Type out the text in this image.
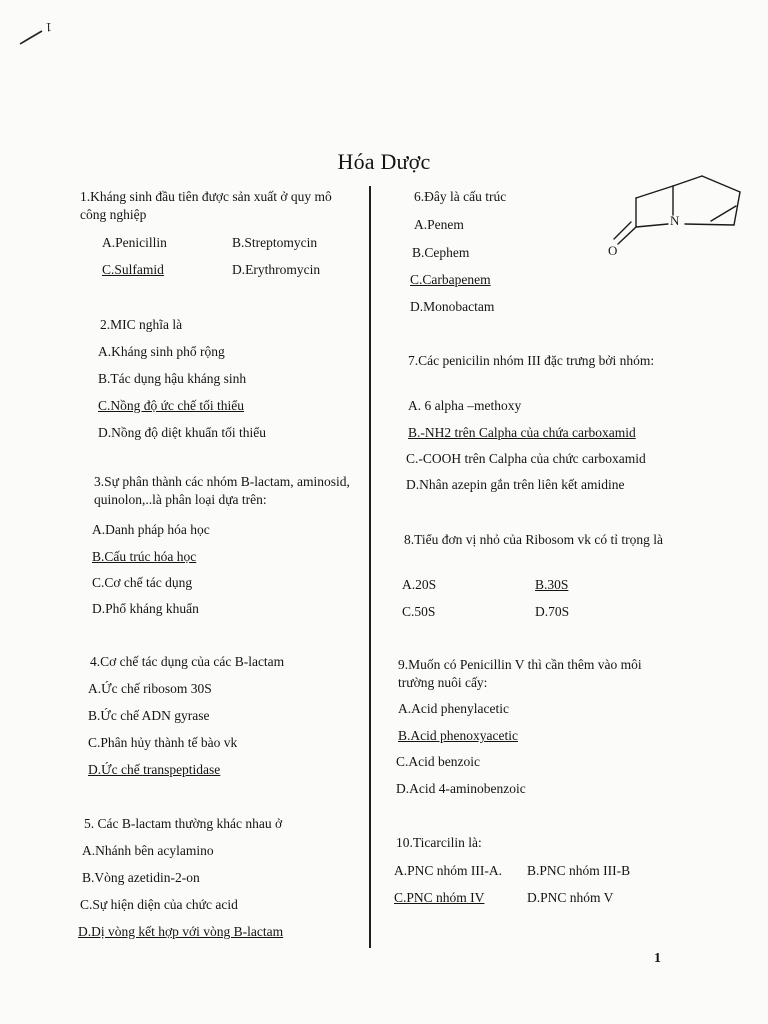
1
Hóa Dược
1.Kháng sinh đầu tiên được sản xuất ở quy mô công nghiệp
A.Penicillin	B.Streptomycin
C.Sulfamid	D.Erythromycin
2.MIC nghĩa là
A.Kháng sinh phổ rộng
B.Tác dụng hậu kháng sinh
C.Nồng độ ức chế tối thiểu
D.Nồng độ diệt khuẩn tối thiểu
3.Sự phân thành các nhóm B-lactam, aminosid, quinolon,..là phân loại dựa trên:
A.Danh pháp hóa học
B.Cấu trúc hóa học
C.Cơ chế tác dụng
D.Phổ kháng khuẩn
4.Cơ chế tác dụng của các B-lactam
A.Ức chế ribosom 30S
B.Ức chế ADN gyrase
C.Phân hủy thành tế bào vk
D.Ức chế transpeptidase
5. Các B-lactam thường khác nhau ở
A.Nhánh bên acylamino
B.Vòng azetidin-2-on
C.Sự hiện diện của chức acid
D.Dị vòng kết hợp với vòng B-lactam
6.Đây là cấu trúc
A.Penem
B.Cephem
C.Carbapenem
D.Monobactam
7.Các penicilin nhóm III đặc trưng bởi nhóm:
A. 6 alpha –methoxy
B.-NH2 trên Calpha của chứa carboxamid
C.-COOH trên Calpha của chức carboxamid
D.Nhân azepin gắn trên liên kết amidine
8.Tiểu đơn vị nhỏ của Ribosom vk có tỉ trọng là
A.20S	B.30S
C.50S	D.70S
9.Muốn có Penicillin V thì cần thêm vào môi trường nuôi cấy:
A.Acid phenylacetic
B.Acid phenoxyacetic
C.Acid benzoic
D.Acid 4-aminobenzoic
10.Ticarcilin là:
A.PNC nhóm III-A. B.PNC nhóm III-B
C.PNC nhóm IV	D.PNC nhóm V
N
O
1
